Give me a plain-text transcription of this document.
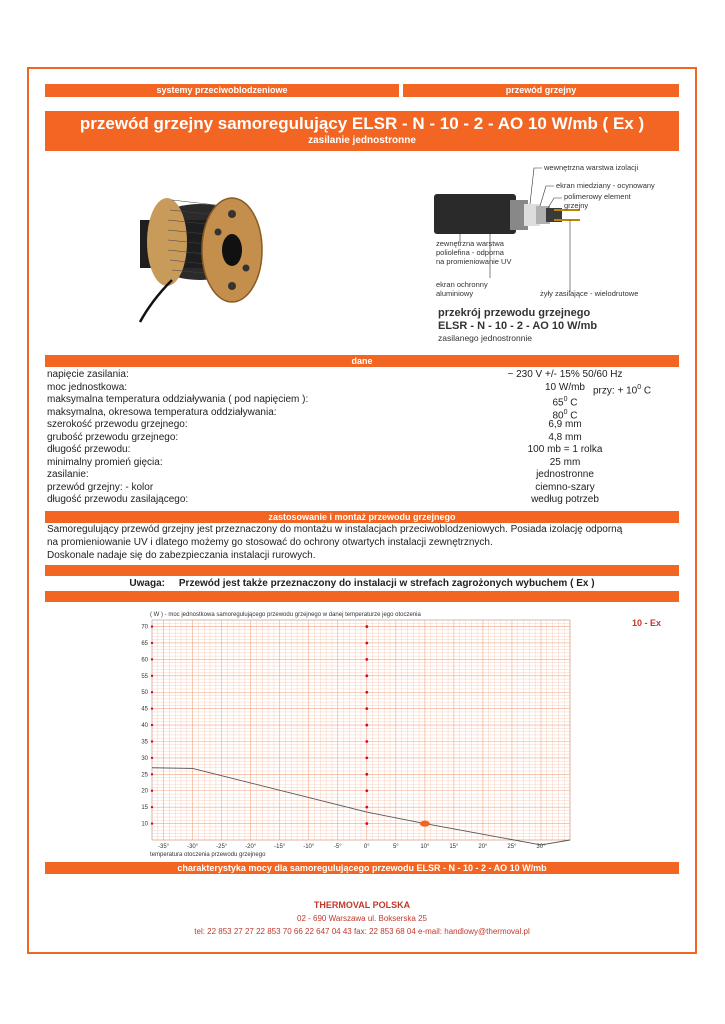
systemy przeciwoblodzeniowe	przewód grzejny
przewód grzejny samoregulujący ELSR - N - 10 - 2 - AO 10 W/mb ( Ex )
zasilanie jednostronne
wewnętrzna warstwa izolacji
ekran miedziany - ocynowany
polimerowy element
grzejny
zewnętrzna warstwa
poliolefina - odporna
na promieniowanie UV
ekran ochronny
aluminiowy	żyły zasilające - wielodrutowe
przekrój przewodu grzejnego
ELSR - N - 10 - 2 - AO 10 W/mb
zasilanego jednostronnie
dane
napięcie zasilania:	~ 230 V +/- 15% 50/60 Hz
moc jednostkowa:	10 W/mb przy: + $10^0$ C
maksymalna temperatura oddziaływania ( pod napięciem ):	$65^0$ C
maksymalna, okresowa temperatura oddziaływania:	$80^0$ C
szerokość przewodu grzejnego:	6,9 mm
grubość przewodu grzejnego:	4,8 mm
długość przewodu:	100 mb = 1 rolka
minimalny promień gięcia:	25 mm
zasilanie:	jednostronne
przewód grzejny: - kolor	ciemno-szary
długość przewodu zasilającego:	według potrzeb
zastosowanie i montaż przewodu grzejnego
Samoregulujący przewód grzejny jest przeznaczony do montażu w instalacjach przeciwoblodzeniowych. Posiada izolację odporną
na promieniowanie UV i dlatego możemy go stosować do ochrony otwartych instalacji zewnętrznych.
Doskonale nadaje się do zabezpieczania instalacji rurowych.
Uwaga: Przewód jest także przeznaczony do instalacji w strefach zagrożonych wybuchem ( Ex )
( W ) - moc jednostkowa samoregulującego przewodu grzejnego w danej temperaturze jego otoczenia
10
15
20
25
30
35
40
45
50
55
60
65
70
-35°	-30°	-25°	-20°	-15°	-10°	-5°	0°	5°	10°	15°	20°	25°	30°
temperatura otoczenia przewodu grzejnego
10 - Ex
charakterystyka mocy dla samoregulującego przewodu ELSR - N - 10 - 2 - AO 10 W/mb
THERMOVAL POLSKA
02 - 690 Warszawa ul. Bokserska 25
tel: 22 853 27 27 22 853 70 66 22 647 04 43 fax: 22 853 68 04 e-mail: handlowy@thermoval.pl
